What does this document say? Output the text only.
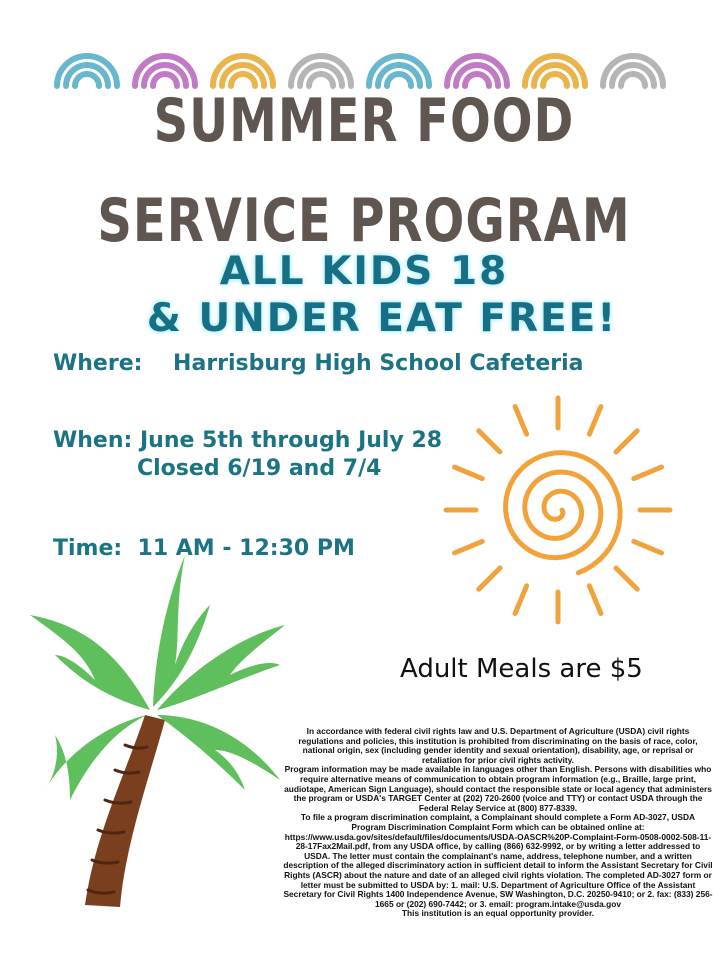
SUMMER FOOD
SERVICE PROGRAM
ALL KIDS 18
& UNDER EAT FREE!
Where:    Harrisburg High School Cafeteria
When: June 5th through July 28
Closed 6/19 and 7/4
Time:  11 AM - 12:30 PM
Adult Meals are $5

In accordance with federal civil rights law and U.S. Department of Agriculture (USDA) civil rights regulations and policies, this institution is prohibited from discriminating on the basis of race, color, national origin, sex (including gender identity and sexual orientation), disability, age, or reprisal or retaliation for prior civil rights activity.

Program information may be made available in languages other than English. Persons with disabilities who require alternative means of communication to obtain program information (e.g., Braille, large print, audiotape, American Sign Language), should contact the responsible state or local agency that administers the program or USDA's TARGET Center at (202) 720-2600 (voice and TTY) or contact USDA through the Federal Relay Service at (800) 877-8339.

To file a program discrimination complaint, a Complainant should complete a Form AD-3027, USDA Program Discrimination Complaint Form which can be obtained online at: https://www.usda.gov/sites/default/files/documents/USDA-OASCR%20P-Complaint-Form-0508-0002-508-11-28-17Fax2Mail.pdf, from any USDA office, by calling (866) 632-9992, or by writing a letter addressed to USDA. The letter must contain the complainant's name, address, telephone number, and a written description of the alleged discriminatory action in sufficient detail to inform the Assistant Secretary for Civil Rights (ASCR) about the nature and date of an alleged civil rights violation. The completed AD-3027 form or letter must be submitted to USDA by: 1. mail: U.S. Department of Agriculture Office of the Assistant Secretary for Civil Rights 1400 Independence Avenue, SW Washington, D.C. 20250-9410; or 2. fax: (833) 256-1665 or (202) 690-7442; or 3. email: program.intake@usda.gov

This institution is an equal opportunity provider.
